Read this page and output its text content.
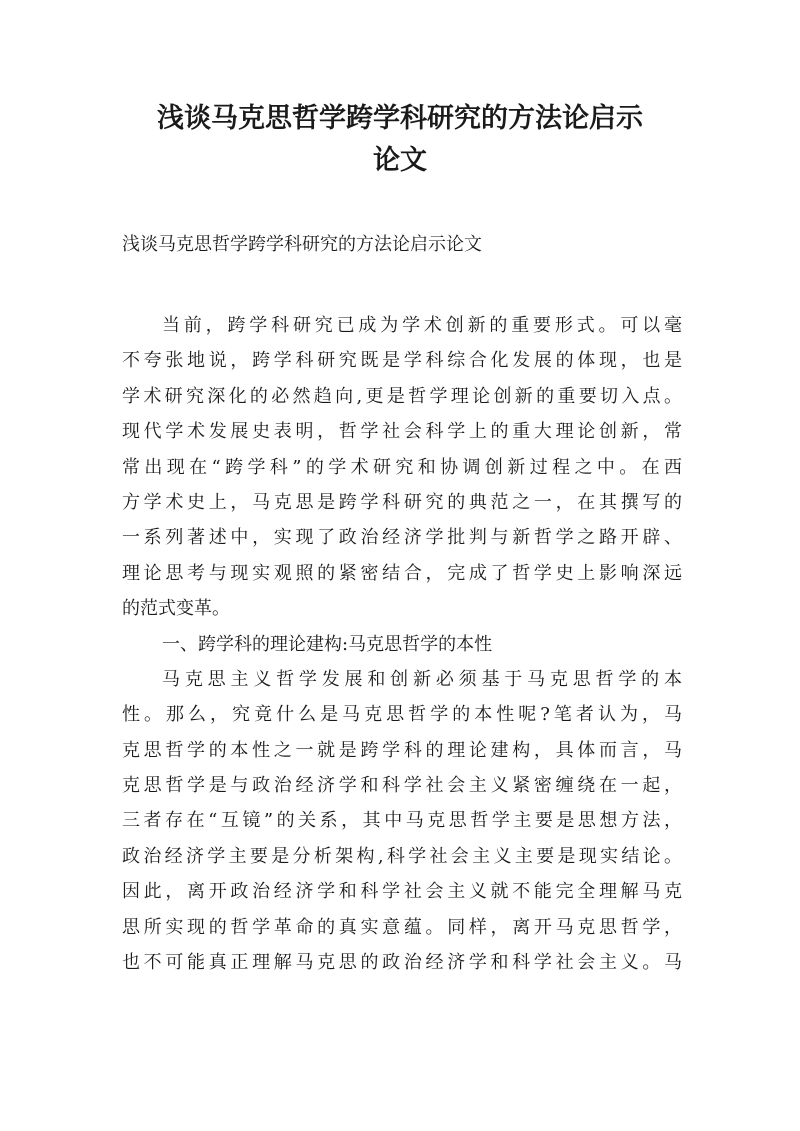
浅谈马克思哲学跨学科研究的方法论启示
论文

浅谈马克思哲学跨学科研究的方法论启示论文

当前，跨学科研究已成为学术创新的重要形式。可以毫
不夸张地说，跨学科研究既是学科综合化发展的体现，也是
学术研究深化的必然趋向,更是哲学理论创新的重要切入点。
现代学术发展史表明，哲学社会科学上的重大理论创新，常
常出现在“跨学科”的学术研究和协调创新过程之中。在西
方学术史上，马克思是跨学科研究的典范之一，在其撰写的
一系列著述中，实现了政治经济学批判与新哲学之路开辟、
理论思考与现实观照的紧密结合，完成了哲学史上影响深远
的范式变革。
一、跨学科的理论建构:马克思哲学的本性
马克思主义哲学发展和创新必须基于马克思哲学的本
性。那么，究竟什么是马克思哲学的本性呢?笔者认为，马
克思哲学的本性之一就是跨学科的理论建构，具体而言，马
克思哲学是与政治经济学和科学社会主义紧密缠绕在一起，
三者存在“互镜”的关系，其中马克思哲学主要是思想方法，
政治经济学主要是分析架构,科学社会主义主要是现实结论。
因此，离开政治经济学和科学社会主义就不能完全理解马克
思所实现的哲学革命的真实意蕴。同样，离开马克思哲学，
也不可能真正理解马克思的政治经济学和科学社会主义。马
